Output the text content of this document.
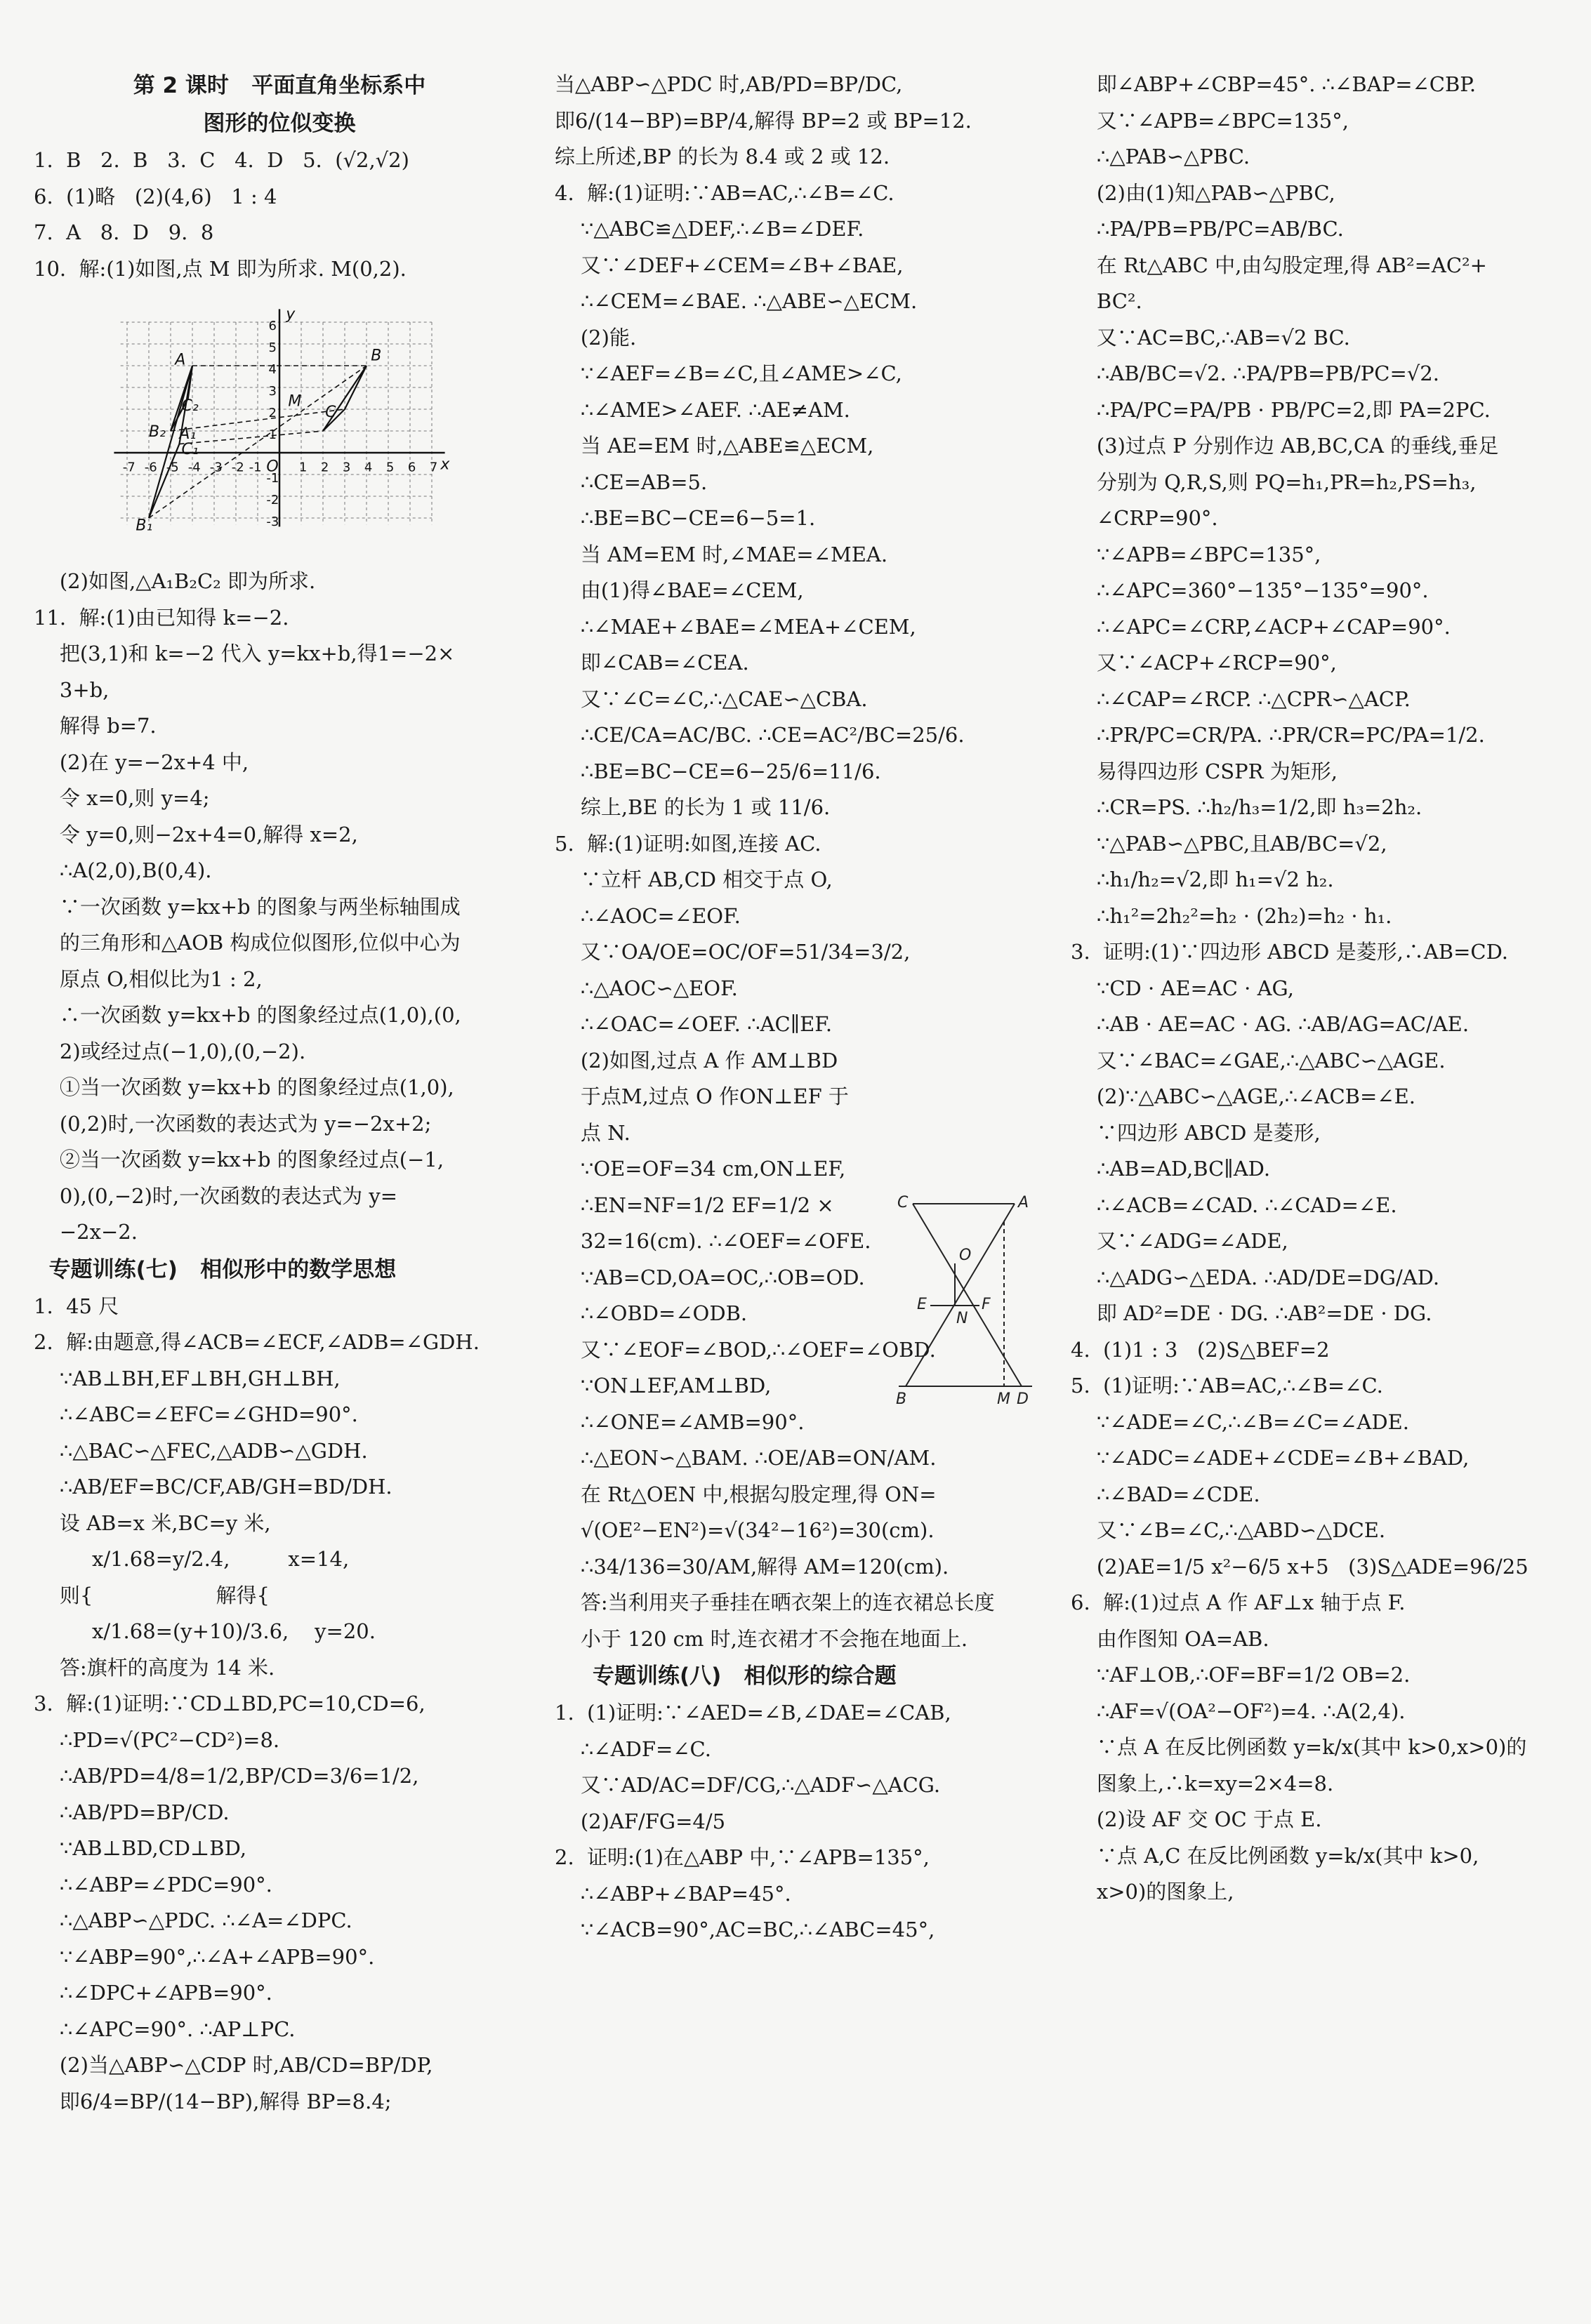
第 2 课时   平面直角坐标系中
图形的位似变换
1.  B   2.  B   3.  C   4.  D   5.  (√2,√2)
6.  (1)略   (2)(4,6)   1 : 4
7.  A   8.  D   9.  8
10.  解:(1)如图,点 M 即为所求. M(0,2).
y
x
O
A	B
C
M
A₁
B₁
B₂
C₁
C₂
6
5
4
3
2
1
-1
-2
-3
-7 -6 -5 -4 -3 -2 -1	1 2 3 4 5 6 7
(2)如图,△A₁B₂C₂ 即为所求.
11.  解:(1)由已知得 k=−2.
把(3,1)和 k=−2 代入 y=kx+b,得1=−2×
3+b,
解得 b=7.
(2)在 y=−2x+4 中,
令 x=0,则 y=4;
令 y=0,则−2x+4=0,解得 x=2,
∴A(2,0),B(0,4).
∵一次函数 y=kx+b 的图象与两坐标轴围成
的三角形和△AOB 构成位似图形,位似中心为
原点 O,相似比为1 : 2,
∴一次函数 y=kx+b 的图象经过点(1,0),(0,
2)或经过点(−1,0),(0,−2).
①当一次函数 y=kx+b 的图象经过点(1,0),
(0,2)时,一次函数的表达式为 y=−2x+2;
②当一次函数 y=kx+b 的图象经过点(−1,
0),(0,−2)时,一次函数的表达式为 y=
−2x−2.
专题训练(七)   相似形中的数学思想
1.  45 尺
2.  解:由题意,得∠ACB=∠ECF,∠ADB=∠GDH.
∵AB⊥BH,EF⊥BH,GH⊥BH,
∴∠ABC=∠EFC=∠GHD=90°.
∴△BAC∽△FEC,△ADB∽△GDH.
∴AB/EF=BC/CF,AB/GH=BD/DH.
设 AB=x 米,BC=y 米,
x/1.68=y/2.4,         x=14,
则{                   解得{
x/1.68=(y+10)/3.6,    y=20.
答:旗杆的高度为 14 米.
3.  解:(1)证明:∵CD⊥BD,PC=10,CD=6,
∴PD=√(PC²−CD²)=8.
∴AB/PD=4/8=1/2,BP/CD=3/6=1/2,
∴AB/PD=BP/CD.
∵AB⊥BD,CD⊥BD,
∴∠ABP=∠PDC=90°.
∴△ABP∽△PDC. ∴∠A=∠DPC.
∵∠ABP=90°,∴∠A+∠APB=90°.
∴∠DPC+∠APB=90°.
∴∠APC=90°. ∴AP⊥PC.
(2)当△ABP∽△CDP 时,AB/CD=BP/DP,
即6/4=BP/(14−BP),解得 BP=8.4;
当△ABP∽△PDC 时,AB/PD=BP/DC,
即6/(14−BP)=BP/4,解得 BP=2 或 BP=12.
综上所述,BP 的长为 8.4 或 2 或 12.
4.  解:(1)证明:∵AB=AC,∴∠B=∠C.
∵△ABC≌△DEF,∴∠B=∠DEF.
又∵∠DEF+∠CEM=∠B+∠BAE,
∴∠CEM=∠BAE. ∴△ABE∽△ECM.
(2)能.
∵∠AEF=∠B=∠C,且∠AME>∠C,
∴∠AME>∠AEF. ∴AE≠AM.
当 AE=EM 时,△ABE≌△ECM,
∴CE=AB=5.
∴BE=BC−CE=6−5=1.
当 AM=EM 时,∠MAE=∠MEA.
由(1)得∠BAE=∠CEM,
∴∠MAE+∠BAE=∠MEA+∠CEM,
即∠CAB=∠CEA.
又∵∠C=∠C,∴△CAE∽△CBA.
∴CE/CA=AC/BC. ∴CE=AC²/BC=25/6.
∴BE=BC−CE=6−25/6=11/6.
综上,BE 的长为 1 或 11/6.
5.  解:(1)证明:如图,连接 AC.
∵立杆 AB,CD 相交于点 O,
∴∠AOC=∠EOF.
又∵OA/OE=OC/OF=51/34=3/2,
∴△AOC∽△EOF.
∴∠OAC=∠OEF. ∴AC∥EF.
(2)如图,过点 A 作 AM⊥BD
于点M,过点 O 作ON⊥EF 于
点 N.
∵OE=OF=34 cm,ON⊥EF,
∴EN=NF=1/2 EF=1/2 ×
32=16(cm). ∴∠OEF=∠OFE.
∵AB=CD,OA=OC,∴OB=OD.
∴∠OBD=∠ODB.
又∵∠EOF=∠BOD,∴∠OEF=∠OBD.
∵ON⊥EF,AM⊥BD,
∴∠ONE=∠AMB=90°.
∴△EON∽△BAM. ∴OE/AB=ON/AM.
在 Rt△OEN 中,根据勾股定理,得 ON=
√(OE²−EN²)=√(34²−16²)=30(cm).
∴34/136=30/AM,解得 AM=120(cm).
答:当利用夹子垂挂在晒衣架上的连衣裙总长度
小于 120 cm 时,连衣裙才不会拖在地面上.
专题训练(八)   相似形的综合题
1.  (1)证明:∵∠AED=∠B,∠DAE=∠CAB,
∴∠ADF=∠C.
又∵AD/AC=DF/CG,∴△ADF∽△ACG.
(2)AF/FG=4/5
2.  证明:(1)在△ABP 中,∵∠APB=135°,
∴∠ABP+∠BAP=45°.
∵∠ACB=90°,AC=BC,∴∠ABC=45°,
即∠ABP+∠CBP=45°. ∴∠BAP=∠CBP.
又∵∠APB=∠BPC=135°,
∴△PAB∽△PBC.
(2)由(1)知△PAB∽△PBC,
∴PA/PB=PB/PC=AB/BC.
在 Rt△ABC 中,由勾股定理,得 AB²=AC²+
BC².
又∵AC=BC,∴AB=√2 BC.
∴AB/BC=√2. ∴PA/PB=PB/PC=√2.
∴PA/PC=PA/PB · PB/PC=2,即 PA=2PC.
(3)过点 P 分别作边 AB,BC,CA 的垂线,垂足
分别为 Q,R,S,则 PQ=h₁,PR=h₂,PS=h₃,
∠CRP=90°.
∵∠APB=∠BPC=135°,
∴∠APC=360°−135°−135°=90°.
∴∠APC=∠CRP,∠ACP+∠CAP=90°.
又∵∠ACP+∠RCP=90°,
∴∠CAP=∠RCP. ∴△CPR∽△ACP.
∴PR/PC=CR/PA. ∴PR/CR=PC/PA=1/2.
易得四边形 CSPR 为矩形,
∴CR=PS. ∴h₂/h₃=1/2,即 h₃=2h₂.
∵△PAB∽△PBC,且AB/BC=√2,
∴h₁/h₂=√2,即 h₁=√2 h₂.
∴h₁²=2h₂²=h₂ · (2h₂)=h₂ · h₁.
3.  证明:(1)∵四边形 ABCD 是菱形,∴AB=CD.
∵CD · AE=AC · AG,
∴AB · AE=AC · AG. ∴AB/AG=AC/AE.
又∵∠BAC=∠GAE,∴△ABC∽△AGE.
(2)∵△ABC∽△AGE,∴∠ACB=∠E.
∵四边形 ABCD 是菱形,
∴AB=AD,BC∥AD.
∴∠ACB=∠CAD. ∴∠CAD=∠E.
又∵∠ADG=∠ADE,
∴△ADG∽△EDA. ∴AD/DE=DG/AD.
即 AD²=DE · DG. ∴AB²=DE · DG.
4.  (1)1 : 3   (2)S△BEF=2
5.  (1)证明:∵AB=AC,∴∠B=∠C.
∵∠ADE=∠C,∴∠B=∠C=∠ADE.
∵∠ADC=∠ADE+∠CDE=∠B+∠BAD,
∴∠BAD=∠CDE.
又∵∠B=∠C,∴△ABD∽△DCE.
(2)AE=1/5 x²−6/5 x+5   (3)S△ADE=96/25
6.  解:(1)过点 A 作 AF⊥x 轴于点 F.
由作图知 OA=AB.
∵AF⊥OB,∴OF=BF=1/2 OB=2.
∴AF=√(OA²−OF²)=4. ∴A(2,4).
∵点 A 在反比例函数 y=k/x(其中 k>0,x>0)的
图象上,∴k=xy=2×4=8.
(2)设 AF 交 OC 于点 E.
∵点 A,C 在反比例函数 y=k/x(其中 k>0,
x>0)的图象上,
C	A
O
E
N
F
B	M D
